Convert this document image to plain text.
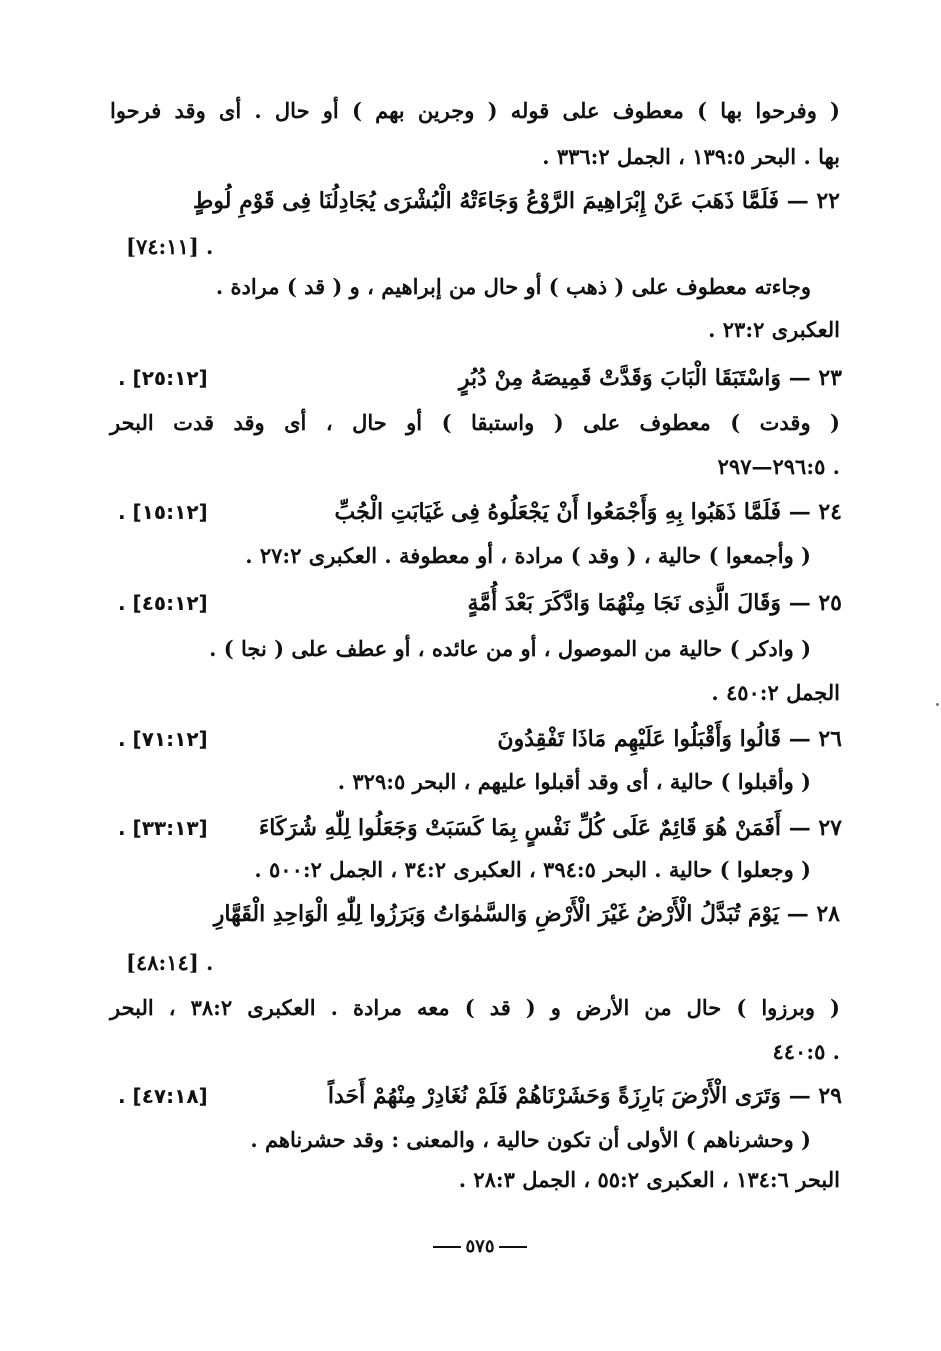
( وفرحوا بها ) معطوف على قوله ( وجرين بهم ) أو حال . أى وقد فرحوا
بها . البحر ١٣٩:٥ ، الجمل ٣٣٦:٢ .
٢٢ — فَلَمَّا ذَهَبَ عَنْ إِبْرَاهِيمَ الرَّوْعُ وَجَاءَتْهُ الْبُشْرَى يُجَادِلُنَا فِى قَوْمِ لُوطٍ
[٧٤:١١] .
وجاءته معطوف على ( ذهب ) أو حال من إبراهيم ، و ( قد ) مرادة .
العكبرى ٢٣:٢ .
٢٣ — وَاسْتَبَقَا الْبَابَ وَقَدَّتْ قَمِيصَهُ مِنْ دُبُرٍ
[٢٥:١٢] .
( وقدت ) معطوف على ( واستبقا ) أو حال ، أى وقد قدت البحر
٢٩٦:٥—٢٩٧ .
٢٤ — فَلَمَّا ذَهَبُوا بِهِ وَأَجْمَعُوا أَنْ يَجْعَلُوهُ فِى غَيَابَتِ الْجُبِّ
[١٥:١٢] .
( وأجمعوا ) حالية ، ( وقد ) مرادة ، أو معطوفة . العكبرى ٢٧:٢ .
٢٥ — وَقَالَ الَّذِى نَجَا مِنْهُمَا وَادَّكَرَ بَعْدَ أُمَّةٍ
[٤٥:١٢] .
( وادكر ) حالية من الموصول ، أو من عائده ، أو عطف على ( نجا ) .
الجمل ٤٥٠:٢ .
٢٦ — قَالُوا وَأَقْبَلُوا عَلَيْهِم مَاذَا تَفْقِدُونَ
[٧١:١٢] .
( وأقبلوا ) حالية ، أى وقد أقبلوا عليهم ، البحر ٣٢٩:٥ .
٢٧ — أَفَمَنْ هُوَ قَائِمٌ عَلَى كُلِّ نَفْسٍ بِمَا كَسَبَتْ وَجَعَلُوا لِلّٰهِ شُرَكَاءَ
[٣٣:١٣] .
( وجعلوا ) حالية . البحر ٣٩٤:٥ ، العكبرى ٣٤:٢ ، الجمل ٥٠٠:٢ .
٢٨ — يَوْمَ تُبَدَّلُ الْأَرْضُ غَيْرَ الْأَرْضِ وَالسَّمٰوَاتُ وَبَرَزُوا لِلّٰهِ الْوَاحِدِ الْقَهَّارِ
[٤٨:١٤] .
( وبرزوا ) حال من الأرض و ( قد ) معه مرادة . العكبرى ٣٨:٢ ، البحر
٤٤٠:٥ .
٢٩ — وَتَرَى الْأَرْضَ بَارِزَةً وَحَشَرْنَاهُمْ فَلَمْ نُغَادِرْ مِنْهُمْ أَحَداً
[٤٧:١٨] .
( وحشرناهم ) الأولى أن تكون حالية ، والمعنى : وقد حشرناهم .
البحر ١٣٤:٦ ، العكبرى ٥٥:٢ ، الجمل ٢٨:٣ .
٥٧٥
